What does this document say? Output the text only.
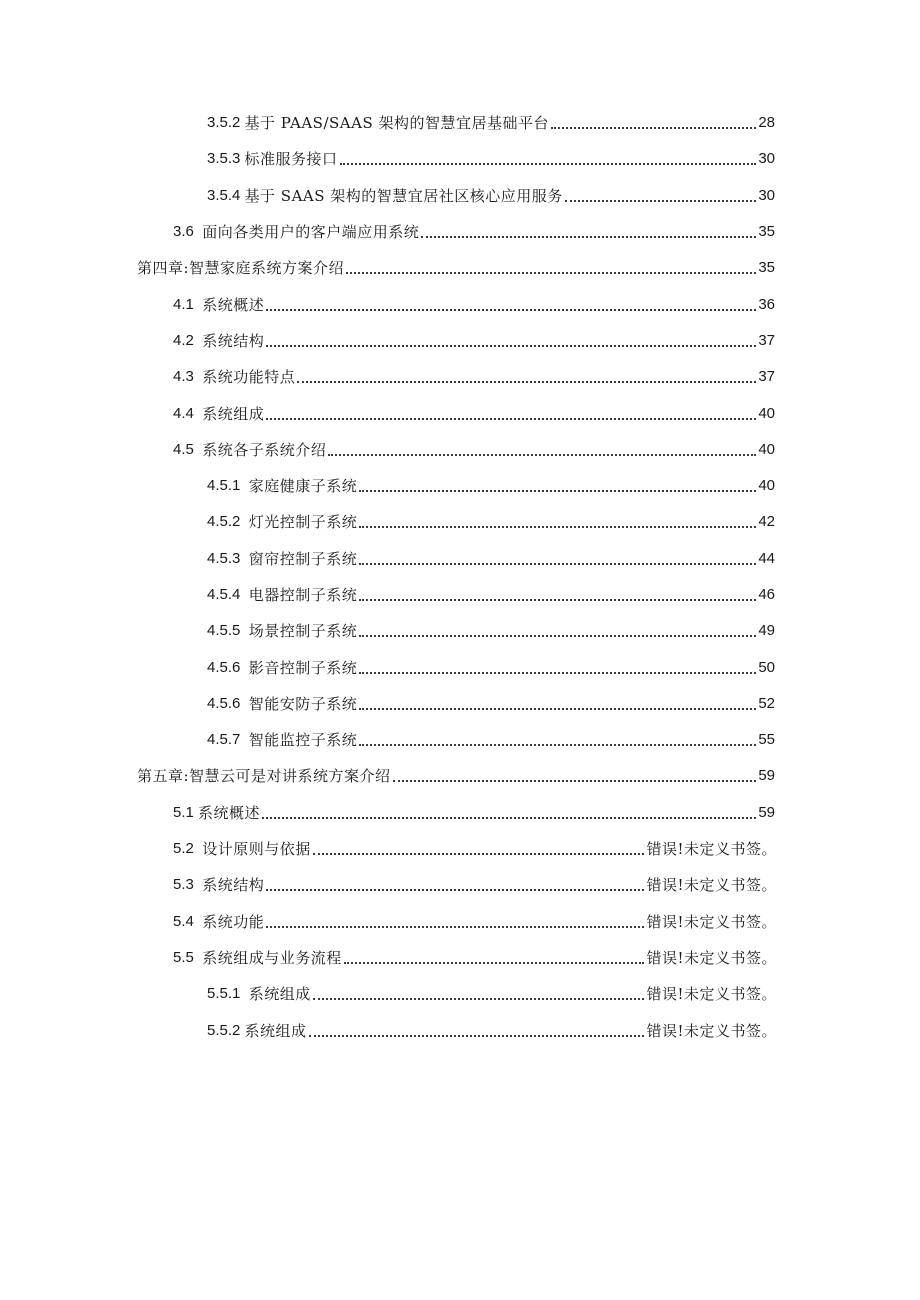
3.5.2 基于 PAAS/SAAS 架构的智慧宜居基础平台	28
3.5.3 标准服务接口	30
3.5.4 基于 SAAS 架构的智慧宜居社区核心应用服务	30
3.6 面向各类用户的客户端应用系统	35
第四章:智慧家庭系统方案介绍	35
4.1 系统概述	36
4.2 系统结构	37
4.3 系统功能特点	37
4.4 系统组成	40
4.5 系统各子系统介绍	40
4.5.1 家庭健康子系统	40
4.5.2 灯光控制子系统	42
4.5.3 窗帘控制子系统	44
4.5.4 电器控制子系统	46
4.5.5 场景控制子系统	49
4.5.6 影音控制子系统	50
4.5.6 智能安防子系统	52
4.5.7 智能监控子系统	55
第五章:智慧云可是对讲系统方案介绍	59
5.1 系统概述	59
5.2 设计原则与依据	错误!未定义书签。
5.3 系统结构	错误!未定义书签。
5.4 系统功能	错误!未定义书签。
5.5 系统组成与业务流程	错误!未定义书签。
5.5.1 系统组成	错误!未定义书签。
5.5.2 系统组成	错误!未定义书签。
